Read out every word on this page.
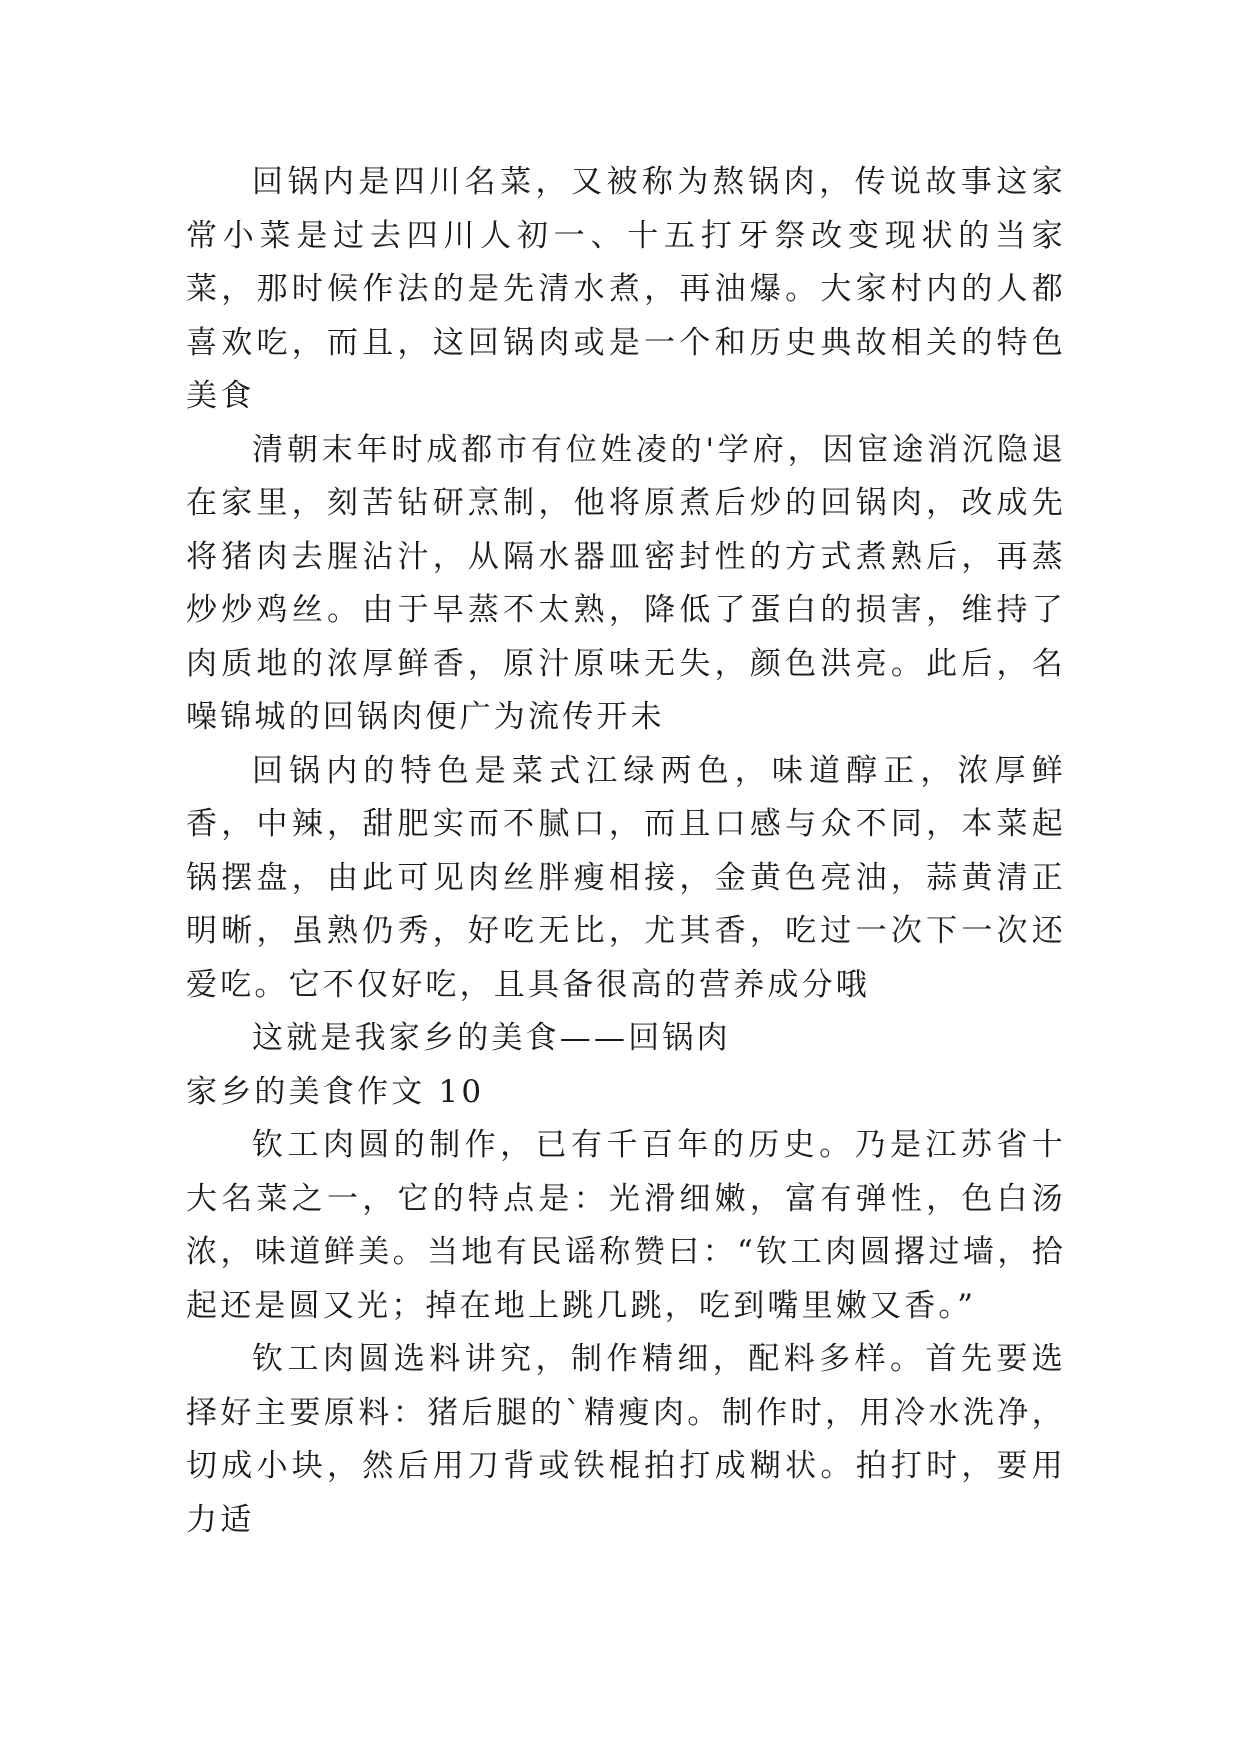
回锅内是四川名菜，又被称为熬锅肉，传说故事这家常小菜是过去四川人初一、十五打牙祭改变现状的当家菜，那时候作法的是先清水煮，再油爆。大家村内的人都喜欢吃，而且，这回锅肉或是一个和历史典故相关的特色美食

清朝末年时成都市有位姓凌的'学府，因宦途消沉隐退在家里，刻苦钻研烹制，他将原煮后炒的回锅肉，改成先将猪肉去腥沾汁，从隔水器皿密封性的方式煮熟后，再蒸炒炒鸡丝。由于早蒸不太熟，降低了蛋白的损害，维持了肉质地的浓厚鲜香，原汁原味无失，颜色洪亮。此后，名噪锦城的回锅肉便广为流传开未

回锅内的特色是菜式江绿两色，味道醇正，浓厚鲜香，中辣，甜肥实而不腻口，而且口感与众不同，本菜起锅摆盘，由此可见肉丝胖瘦相接，金黄色亮油，蒜黄清正明晰，虽熟仍秀，好吃无比，尤其香，吃过一次下一次还爱吃。它不仅好吃，且具备很高的营养成分哦

这就是我家乡的美食——回锅肉

家乡的美食作文 10

钦工肉圆的制作，已有千百年的历史。乃是江苏省十大名菜之一，它的特点是：光滑细嫩，富有弹性，色白汤浓，味道鲜美。当地有民谣称赞曰：“钦工肉圆撂过墙，拾起还是圆又光；掉在地上跳几跳，吃到嘴里嫩又香。”

钦工肉圆选料讲究，制作精细，配料多样。首先要选择好主要原料：猪后腿的`精瘦肉。制作时，用冷水洗净，切成小块，然后用刀背或铁棍拍打成糊状。拍打时，要用力适
